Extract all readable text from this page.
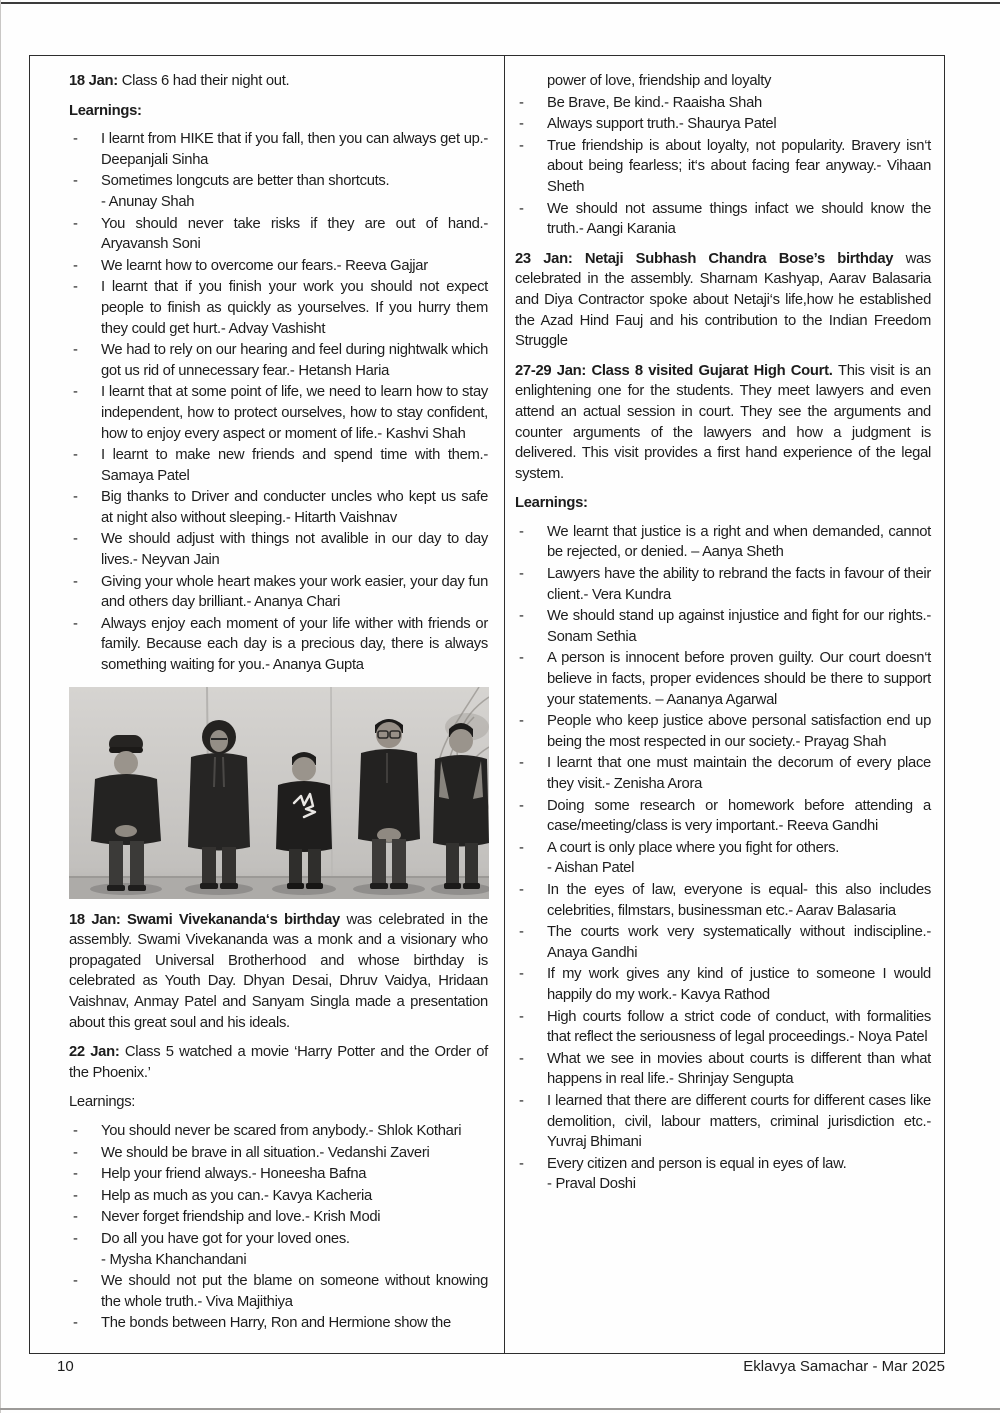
18 Jan: Class 6 had their night out.

Learnings:

- I learnt from HIKE that if you fall, then you can always get up.- Deepanjali Sinha
- Sometimes longcuts are better than shortcuts.
- Anunay Shah
- You should never take risks if they are out of hand.- Aryavansh Soni
- We learnt how to overcome our fears.- Reeva Gajjar
- I learnt that if you finish your work you should not expect people to finish as quickly as yourselves. If you hurry them they could get hurt.- Advay Vashisht
- We had to rely on our hearing and feel during nightwalk which got us rid of unnecessary fear.- Hetansh Haria
- I learnt that at some point of life, we need to learn how to stay independent, how to protect ourselves, how to stay confident, how to enjoy every aspect or moment of life.- Kashvi Shah
- I learnt to make new friends and spend time with them.- Samaya Patel
- Big thanks to Driver and conducter uncles who kept us safe at night also without sleeping.- Hitarth Vaishnav
- We should adjust with things not avalible in our day to day lives.- Neyvan Jain
- Giving your whole heart makes your work easier, your day fun and others day brilliant.- Ananya Chari
- Always enjoy each moment of your life wither with friends or family. Because each day is a precious day, there is always something waiting for you.- Ananya Gupta

18 Jan: Swami Vivekananda‘s birthday was celebrated in the assembly. Swami Vivekananda was a monk and a visionary who propagated Universal Brotherhood and whose birthday is celebrated as Youth Day. Dhyan Desai, Dhruv Vaidya, Hridaan Vaishnav, Anmay Patel and Sanyam Singla made a presentation about this great soul and his ideals.

22 Jan: Class 5 watched a movie ‘Harry Potter and the Order of the Phoenix.’

Learnings:

- You should never be scared from anybody.- Shlok Kothari
- We should be brave in all situation.- Vedanshi Zaveri
- Help your friend always.- Honeesha Bafna
- Help as much as you can.- Kavya Kacheria
- Never forget friendship and love.- Krish Modi
- Do all you have got for your loved ones.
- Mysha Khanchandani
- We should not put the blame on someone without knowing the whole truth.- Viva Majithiya
- The bonds between Harry, Ron and Hermione show the

power of love, friendship and loyalty

- Be Brave, Be kind.- Raaisha Shah
- Always support truth.- Shaurya Patel
- True friendship is about loyalty, not popularity. Bravery isn‘t about being fearless; it‘s about facing fear anyway.- Vihaan Sheth
- We should not assume things infact we should know the truth.- Aangi Karania

23 Jan: Netaji Subhash Chandra Bose’s birthday was celebrated in the assembly. Sharnam Kashyap, Aarav Balasaria and Diya Contractor spoke about Netaji‘s life,how he established the Azad Hind Fauj and his contribution to the Indian Freedom Struggle

27-29 Jan: Class 8 visited Gujarat High Court. This visit is an enlightening one for the students. They meet lawyers and even attend an actual session in court. They see the arguments and counter arguments of the lawyers and how a judgment is delivered. This visit provides a first hand experience of the legal system.

Learnings:

- We learnt that justice is a right and when demanded, cannot be rejected, or denied. – Aanya Sheth
- Lawyers have the ability to rebrand the facts in favour of their client.- Vera Kundra
- We should stand up against injustice and fight for our rights.- Sonam Sethia
- A person is innocent before proven guilty. Our court doesn‘t believe in facts, proper evidences should be there to support your statements. – Aananya Agarwal
- People who keep justice above personal satisfaction end up being the most respected in our society.- Prayag Shah
- I learnt that one must maintain the decorum of every place they visit.- Zenisha Arora
- Doing some research or homework before attending a case/meeting/class is very important.- Reeva Gandhi
- A court is only place where you fight for others.
- Aishan Patel
- In the eyes of law, everyone is equal- this also includes celebrities, filmstars, businessman etc.- Aarav Balasaria
- The courts work very systematically without indiscipline.- Anaya Gandhi
- If my work gives any kind of justice to someone I would happily do my work.- Kavya Rathod
- High courts follow a strict code of conduct, with formalities that reflect the seriousness of legal proceedings.- Noya Patel
- What we see in movies about courts is different than what happens in real life.- Shrinjay Sengupta
- I learned that there are different courts for different cases like demolition, civil, labour matters, criminal jurisdiction etc.- Yuvraj Bhimani
- Every citizen and person is equal in eyes of law.
- Praval Doshi
10	Eklavya Samachar - Mar 2025
